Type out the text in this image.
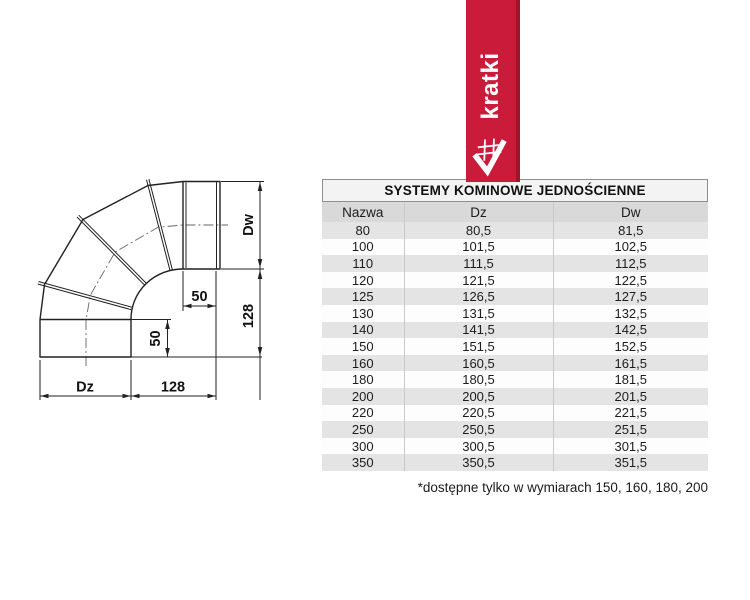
kratki
Dw
128
50
50
Dz	128
SYSTEMY KOMINOWE JEDNOŚCIENNE
Nazwa	Dz	Dw
80	80,5	81,5
100	101,5	102,5
110	111,5	112,5
120	121,5	122,5
125	126,5	127,5
130	131,5	132,5
140	141,5	142,5
150	151,5	152,5
160	160,5	161,5
180	180,5	181,5
200	200,5	201,5
220	220,5	221,5
250	250,5	251,5
300	300,5	301,5
350	350,5	351,5
*dostępne tylko w wymiarach 150, 160, 180, 200
